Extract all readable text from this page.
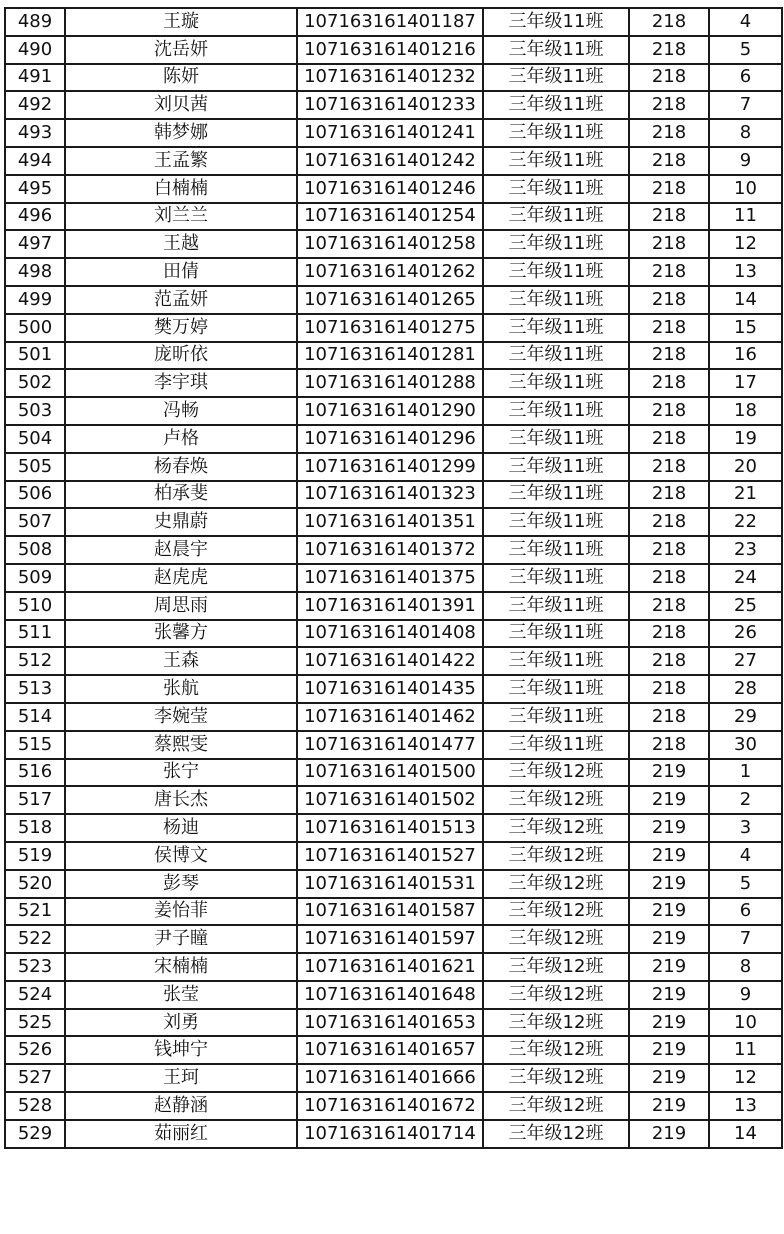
489	王璇	107163161401187	三年级11班	218	4
490	沈岳妍	107163161401216	三年级11班	218	5
491	陈妍	107163161401232	三年级11班	218	6
492	刘贝茜	107163161401233	三年级11班	218	7
493	韩梦娜	107163161401241	三年级11班	218	8
494	王孟繁	107163161401242	三年级11班	218	9
495	白楠楠	107163161401246	三年级11班	218	10
496	刘兰兰	107163161401254	三年级11班	218	11
497	王越	107163161401258	三年级11班	218	12
498	田倩	107163161401262	三年级11班	218	13
499	范孟妍	107163161401265	三年级11班	218	14
500	樊万婷	107163161401275	三年级11班	218	15
501	庞昕依	107163161401281	三年级11班	218	16
502	李宇琪	107163161401288	三年级11班	218	17
503	冯畅	107163161401290	三年级11班	218	18
504	卢格	107163161401296	三年级11班	218	19
505	杨春焕	107163161401299	三年级11班	218	20
506	柏承斐	107163161401323	三年级11班	218	21
507	史鼎蔚	107163161401351	三年级11班	218	22
508	赵晨宇	107163161401372	三年级11班	218	23
509	赵虎虎	107163161401375	三年级11班	218	24
510	周思雨	107163161401391	三年级11班	218	25
511	张馨方	107163161401408	三年级11班	218	26
512	王森	107163161401422	三年级11班	218	27
513	张航	107163161401435	三年级11班	218	28
514	李婉莹	107163161401462	三年级11班	218	29
515	蔡熙雯	107163161401477	三年级11班	218	30
516	张宁	107163161401500	三年级12班	219	1
517	唐长杰	107163161401502	三年级12班	219	2
518	杨迪	107163161401513	三年级12班	219	3
519	侯博文	107163161401527	三年级12班	219	4
520	彭琴	107163161401531	三年级12班	219	5
521	姜怡菲	107163161401587	三年级12班	219	6
522	尹子瞳	107163161401597	三年级12班	219	7
523	宋楠楠	107163161401621	三年级12班	219	8
524	张莹	107163161401648	三年级12班	219	9
525	刘勇	107163161401653	三年级12班	219	10
526	钱坤宁	107163161401657	三年级12班	219	11
527	王珂	107163161401666	三年级12班	219	12
528	赵静涵	107163161401672	三年级12班	219	13
529	茹丽红	107163161401714	三年级12班	219	14
